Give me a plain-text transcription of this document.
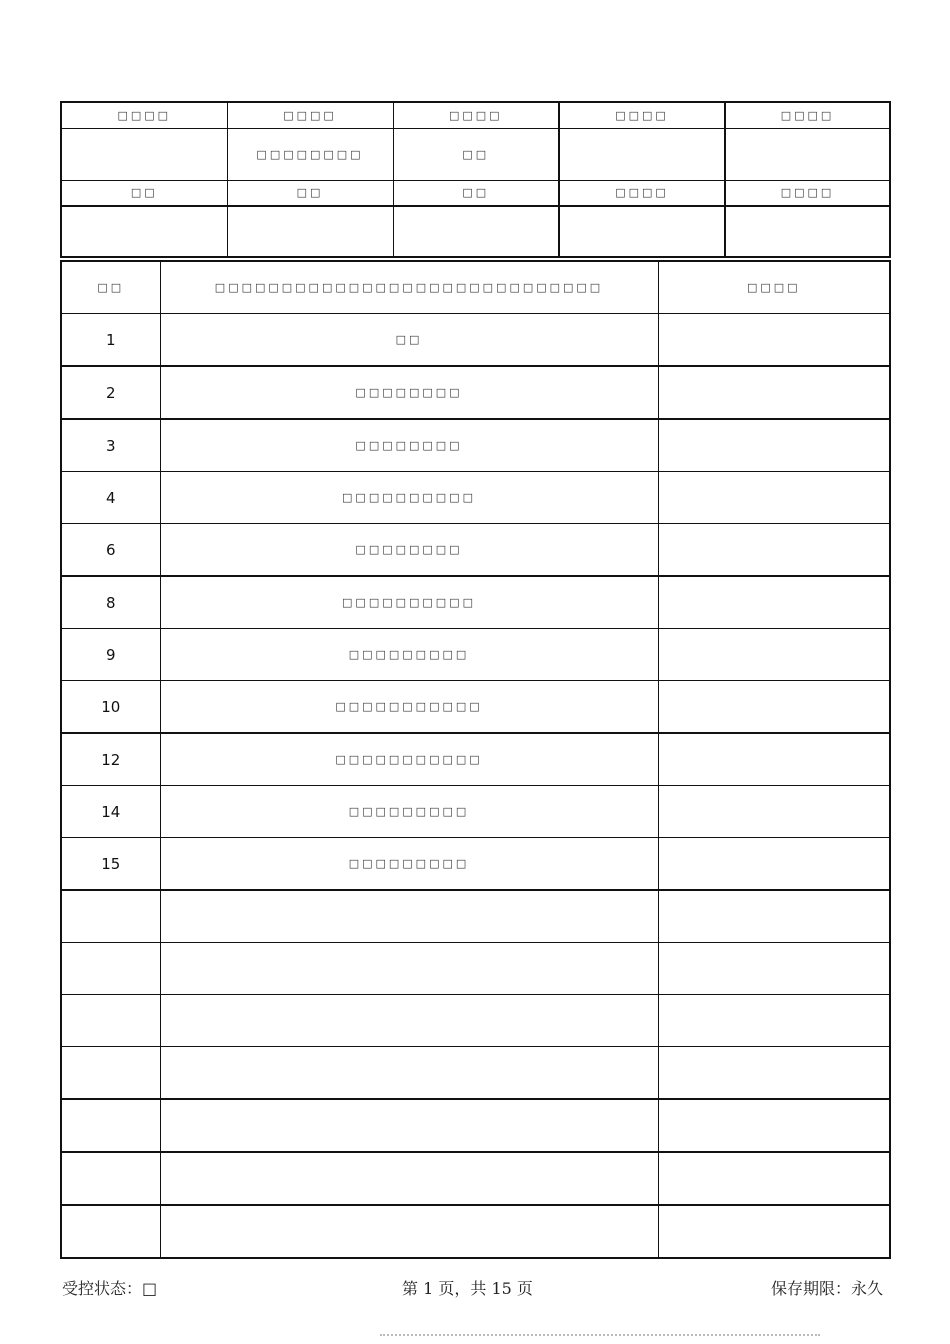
□□□□	□□□□	□□□□	□□□□	□□□□
	□□□□□□□□	□□		
□□	□□	□□	□□□□	□□□□

□□	□□□□□□□□□□□□□□□□□□□□□□□□□□□□□	□□□□
1	□□	
2	□□□□□□□□	
3	□□□□□□□□	
4	□□□□□□□□□□	
6	□□□□□□□□	
8	□□□□□□□□□□	
9	□□□□□□□□□	
10	□□□□□□□□□□□	
12	□□□□□□□□□□□	
14	□□□□□□□□□	
15	□□□□□□□□□	

受控状态：□	第 1 页，共 15 页	保存期限：永久
